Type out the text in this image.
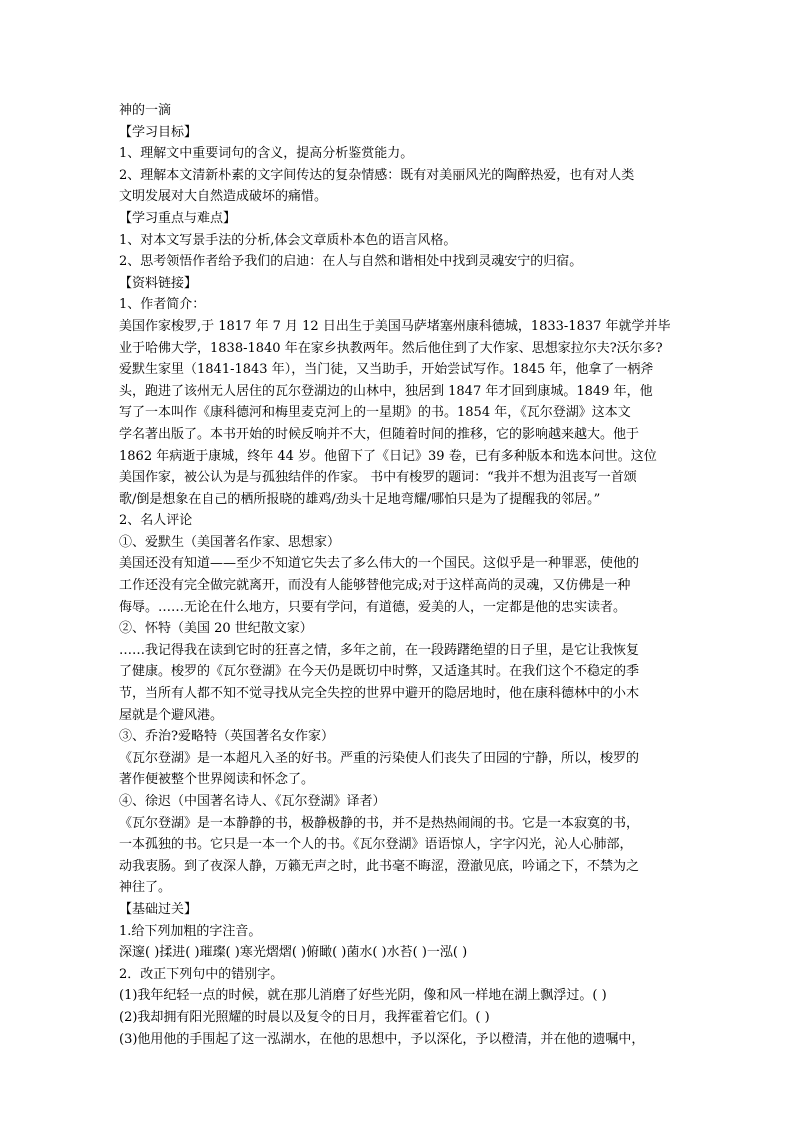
神的一滴
【学习目标】
1、理解文中重要词句的含义，提高分析鉴赏能力。
2、理解本文清新朴素的文字间传达的复杂情感：既有对美丽风光的陶醉热爱，也有对人类
文明发展对大自然造成破坏的痛惜。
【学习重点与难点】
1、对本文写景手法的分析,体会文章质朴本色的语言风格。
2、思考领悟作者给予我们的启迪：在人与自然和谐相处中找到灵魂安宁的归宿。
【资料链接】
1、作者简介：
美国作家梭罗,于 1817 年 7 月 12 日出生于美国马萨堵塞州康科德城，1833-1837 年就学并毕
业于哈佛大学，1838-1840 年在家乡执教两年。然后他住到了大作家、思想家拉尔夫?沃尔多?
爱默生家里（1841-1843 年），当门徒，又当助手，开始尝试写作。1845 年，他拿了一柄斧
头，跑进了该州无人居住的瓦尔登湖边的山林中，独居到 1847 年才回到康城。1849 年，他
写了一本叫作《康科德河和梅里麦克河上的一星期》的书。1854 年，《瓦尔登湖》这本文
学名著出版了。本书开始的时候反响并不大，但随着时间的推移，它的影响越来越大。他于
1862 年病逝于康城，终年 44 岁。他留下了《日记》39 卷，已有多种版本和选本问世。这位
美国作家，被公认为是与孤独结伴的作家。 书中有梭罗的题词：“我并不想为沮丧写一首颂
歌/倒是想象在自己的栖所报晓的雄鸡/劲头十足地弯耀/哪怕只是为了提醒我的邻居。”
2、名人评论
①、爱默生（美国著名作家、思想家）
美国还没有知道——至少不知道它失去了多么伟大的一个国民。这似乎是一种罪恶，使他的
工作还没有完全做完就离开，而没有人能够替他完成;对于这样高尚的灵魂，又仿佛是一种
侮辱。……无论在什么地方，只要有学问，有道德，爱美的人，一定都是他的忠实读者。
②、怀特（美国 20 世纪散文家）
……我记得我在读到它时的狂喜之情，多年之前，在一段踌躇绝望的日子里，是它让我恢复
了健康。梭罗的《瓦尔登湖》在今天仍是既切中时弊，又适逢其时。在我们这个不稳定的季
节，当所有人都不知不觉寻找从完全失控的世界中避开的隐居地时，他在康科德林中的小木
屋就是个避风港。
③、乔治?爱略特（英国著名女作家）
《瓦尔登湖》是一本超凡入圣的好书。严重的污染使人们丧失了田园的宁静，所以，梭罗的
著作便被整个世界阅读和怀念了。
④、徐迟（中国著名诗人、《瓦尔登湖》译者）
《瓦尔登湖》是一本静静的书，极静极静的书，并不是热热闹闹的书。它是一本寂寞的书，
一本孤独的书。它只是一本一个人的书。《瓦尔登湖》语语惊人，字字闪光，沁人心肺部，
动我衷肠。到了夜深人静，万籁无声之时，此书毫不晦涩，澄澈见底，吟诵之下，不禁为之
神往了。
【基础过关】
1.给下列加粗的字注音。
深邃( )揉进( )璀璨( )寒光熠熠( )俯瞰( )菌水( )水苔( )一泓( )
2．改正下列句中的错别字。
(1)我年纪轻一点的时候，就在那儿消磨了好些光阴，像和风一样地在湖上飘浮过。( )
(2)我却拥有阳光照耀的时晨以及复令的日月，我挥霍着它们。( )
(3)他用他的手围起了这一泓湖水，在他的思想中，予以深化，予以橙清，并在他的遗嘱中，
